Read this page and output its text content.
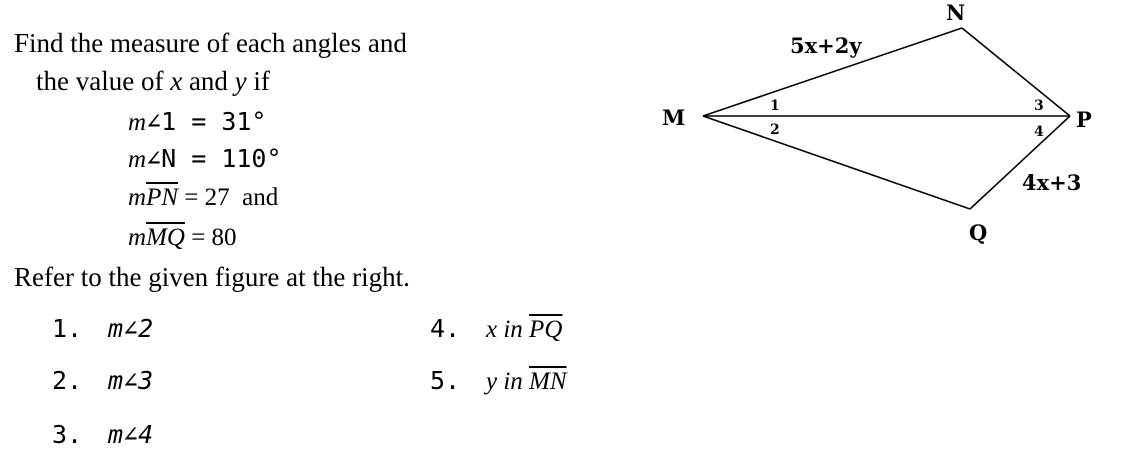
Find the measure of each angles and
the value of x and y if
m∠1 = 31°
m∠N = 110°
$m\overline{PN} = 27$  and
$m\overline{MQ} = 80$
Refer to the given figure at the right.
1. m∠2
2. m∠3
3. m∠4
4. x in $\overline{PQ}$
5. y in $\overline{MN}$
M
N
P
Q
1
2
3
4
5x+2y
4x+3
